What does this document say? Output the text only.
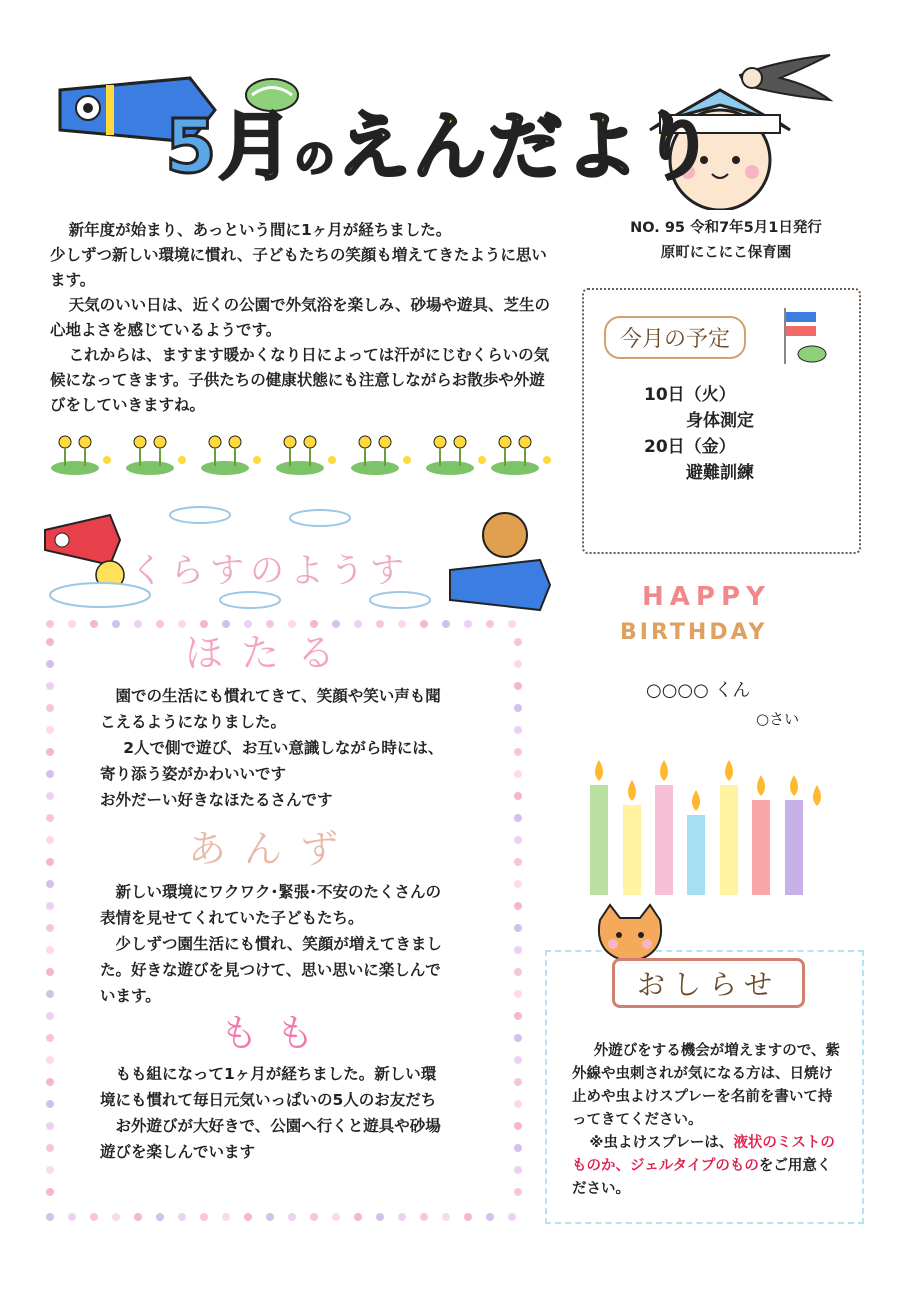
5月のえんだより

新年度が始まり、あっという間に1ヶ月が経ちました。

少しずつ新しい環境に慣れ、子どもたちの笑顔も増えてきたように思います。

天気のいい日は、近くの公園で外気浴を楽しみ、砂場や遊具、芝生の心地よさを感じているようです。

これからは、ますます暖かくなり日によっては汗がにじむくらいの気候になってきます。子供たちの健康状態にも注意しながらお散歩や外遊びをしていきますね。

NO. 95 令和7年5月1日発行
原町にこにこ保育園
今月の予定
10日（火）
身体測定
20日（金）
避難訓練
HAPPY
BIRTHDAY
○○○○ くん
○さい
くらすのようす
ほたる

園での生活にも慣れてきて、笑顔や笑い声も聞こえるようになりました。

2人で側で遊び、お互い意識しながら時には、寄り添う姿がかわいいです

お外だーい好きなほたるさんです

あんず

新しい環境にワクワク･緊張･不安のたくさんの表情を見せてくれていた子どもたち。

少しずつ園生活にも慣れ、笑顔が増えてきました。好きな遊びを見つけて、思い思いに楽しんでいます。

もも

もも組になって1ヶ月が経ちました。新しい環境にも慣れて毎日元気いっぱいの5人のお友だち

お外遊びが大好きで、公園へ行くと遊具や砂場遊びを楽しんでいます

おしらせ

外遊びをする機会が増えますので、紫外線や虫刺されが気になる方は、日焼け止めや虫よけスプレーを名前を書いて持ってきてください。

※虫よけスプレーは、液状のミストのものか、ジェルタイプのものをご用意ください。
